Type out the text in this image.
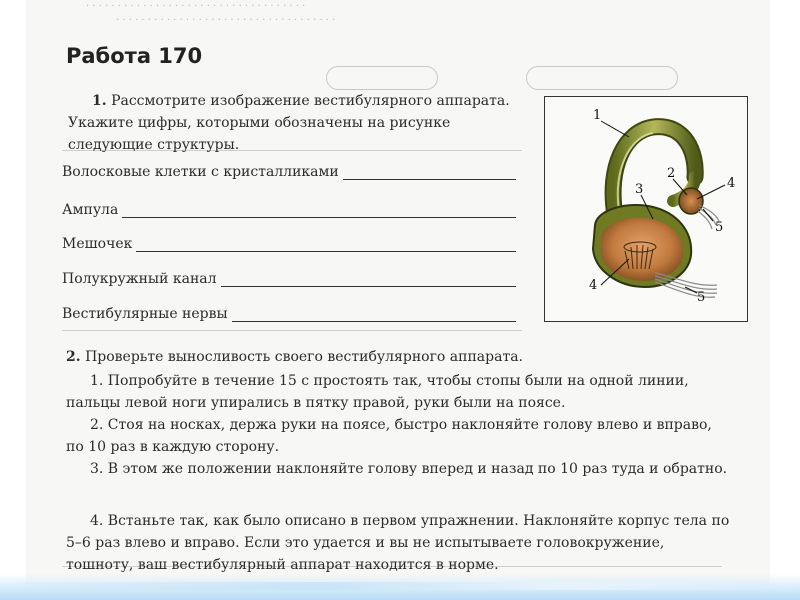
· · · · · · · · · · · · · · · · · · · · · · · · · · · · · · · · · · ·
· · · · · · · · · · · · · · · · · · · · · · · · · · · · · · · · · · ·
Работа 170
1. Рассмотрите изображение вестибулярного аппарата. Укажите цифры, которыми обозначены на рисунке следующие структуры.
Волосковые клетки с кристалликами
Ампула
Мешочек
Полукружный канал
Вестибулярные нервы
1
2
4
3
5
4
5
2. Проверьте выносливость своего вестибулярного аппарата.
1. Попробуйте в течение 15 с простоять так, чтобы стопы были на одной линии, пальцы левой ноги упирались в пятку правой, руки были на поясе.
2. Стоя на носках, держа руки на поясе, быстро наклоняйте голову влево и вправо, по 10 раз в каждую сторону.
3. В этом же положении наклоняйте голову вперед и назад по 10 раз туда и обратно.
4. Встаньте так, как было описано в первом упражнении. Наклоняйте корпус тела по 5–6 раз влево и вправо. Если это удается и вы не испытываете головокружение, тошноту, ваш вестибулярный аппарат находится в норме.
